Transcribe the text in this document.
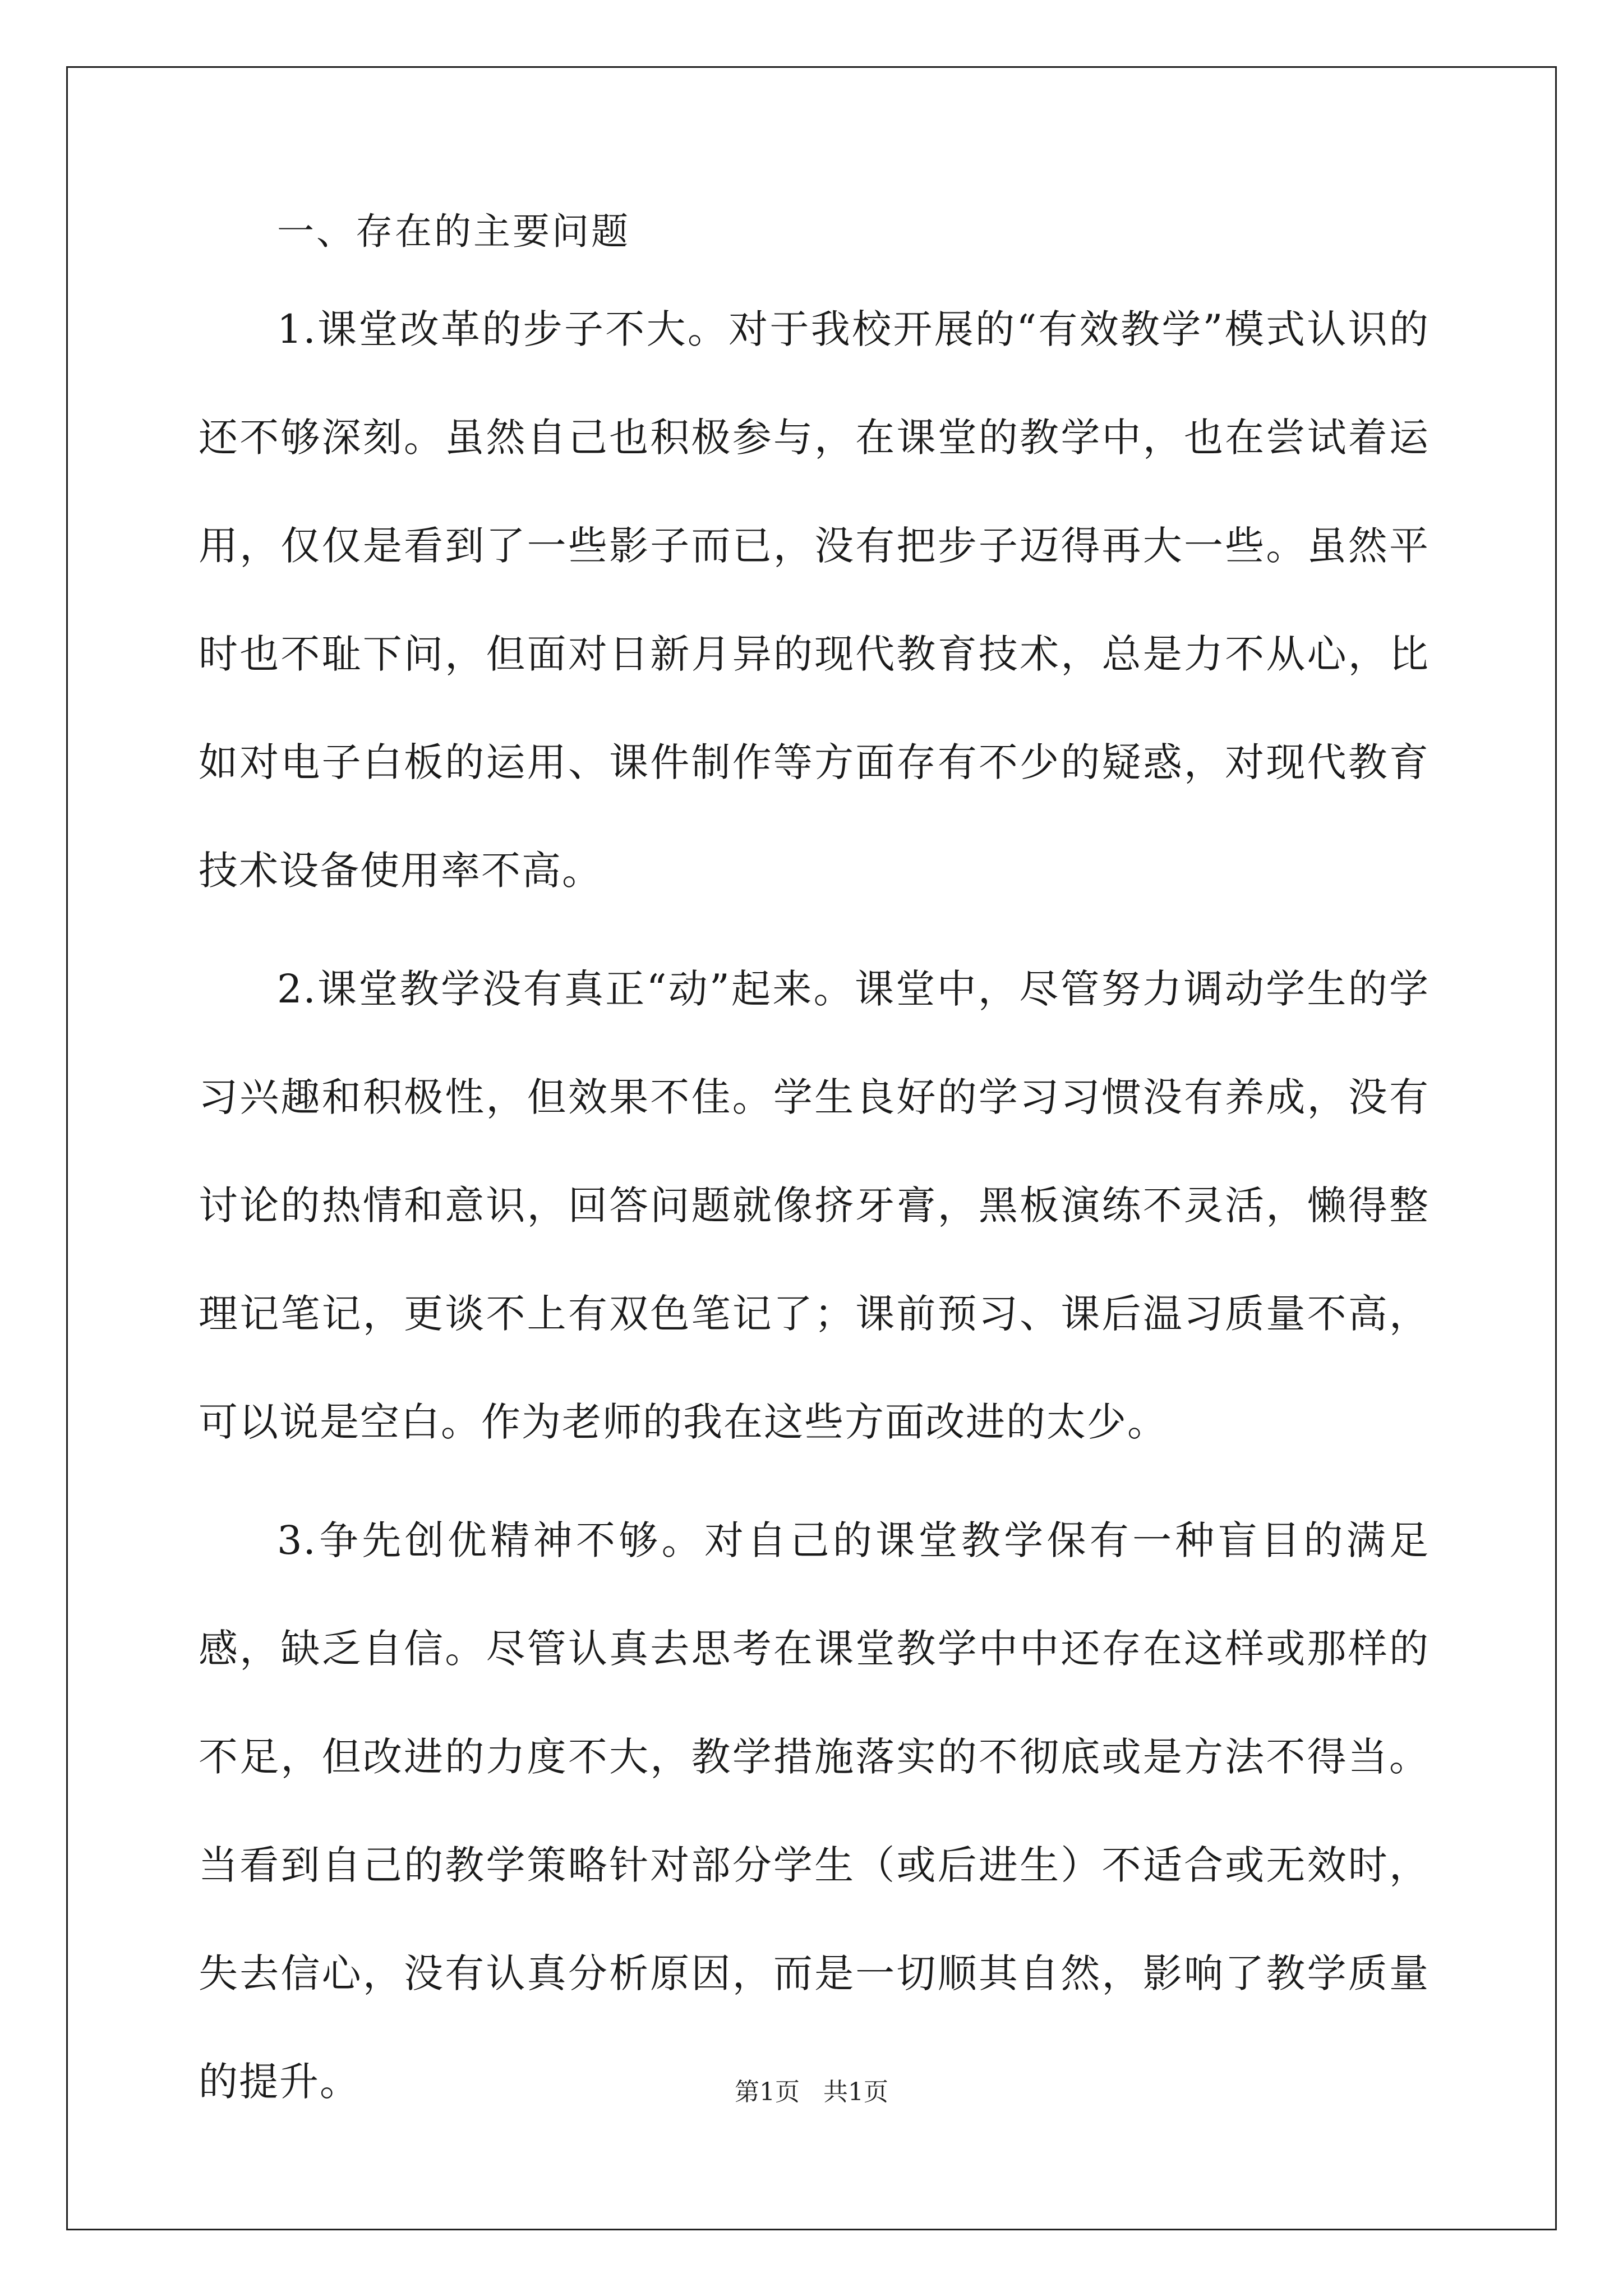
一、存在的主要问题

1.课堂改革的步子不大。对于我校开展的“有效教学”模式认识的还不够深刻。虽然自己也积极参与，在课堂的教学中，也在尝试着运用，仅仅是看到了一些影子而已，没有把步子迈得再大一些。虽然平时也不耻下问，但面对日新月异的现代教育技术，总是力不从心，比如对电子白板的运用、课件制作等方面存有不少的疑惑，对现代教育技术设备使用率不高。

2.课堂教学没有真正“动”起来。课堂中，尽管努力调动学生的学习兴趣和积极性，但效果不佳。学生良好的学习习惯没有养成，没有讨论的热情和意识，回答问题就像挤牙膏，黑板演练不灵活，懒得整理记笔记，更谈不上有双色笔记了；课前预习、课后温习质量不高，可以说是空白。作为老师的我在这些方面改进的太少。

3.争先创优精神不够。对自己的课堂教学保有一种盲目的满足感，缺乏自信。尽管认真去思考在课堂教学中中还存在这样或那样的不足，但改进的力度不大，教学措施落实的不彻底或是方法不得当。当看到自己的教学策略针对部分学生（或后进生）不适合或无效时，失去信心，没有认真分析原因，而是一切顺其自然，影响了教学质量的提升。	第1页 共1页
